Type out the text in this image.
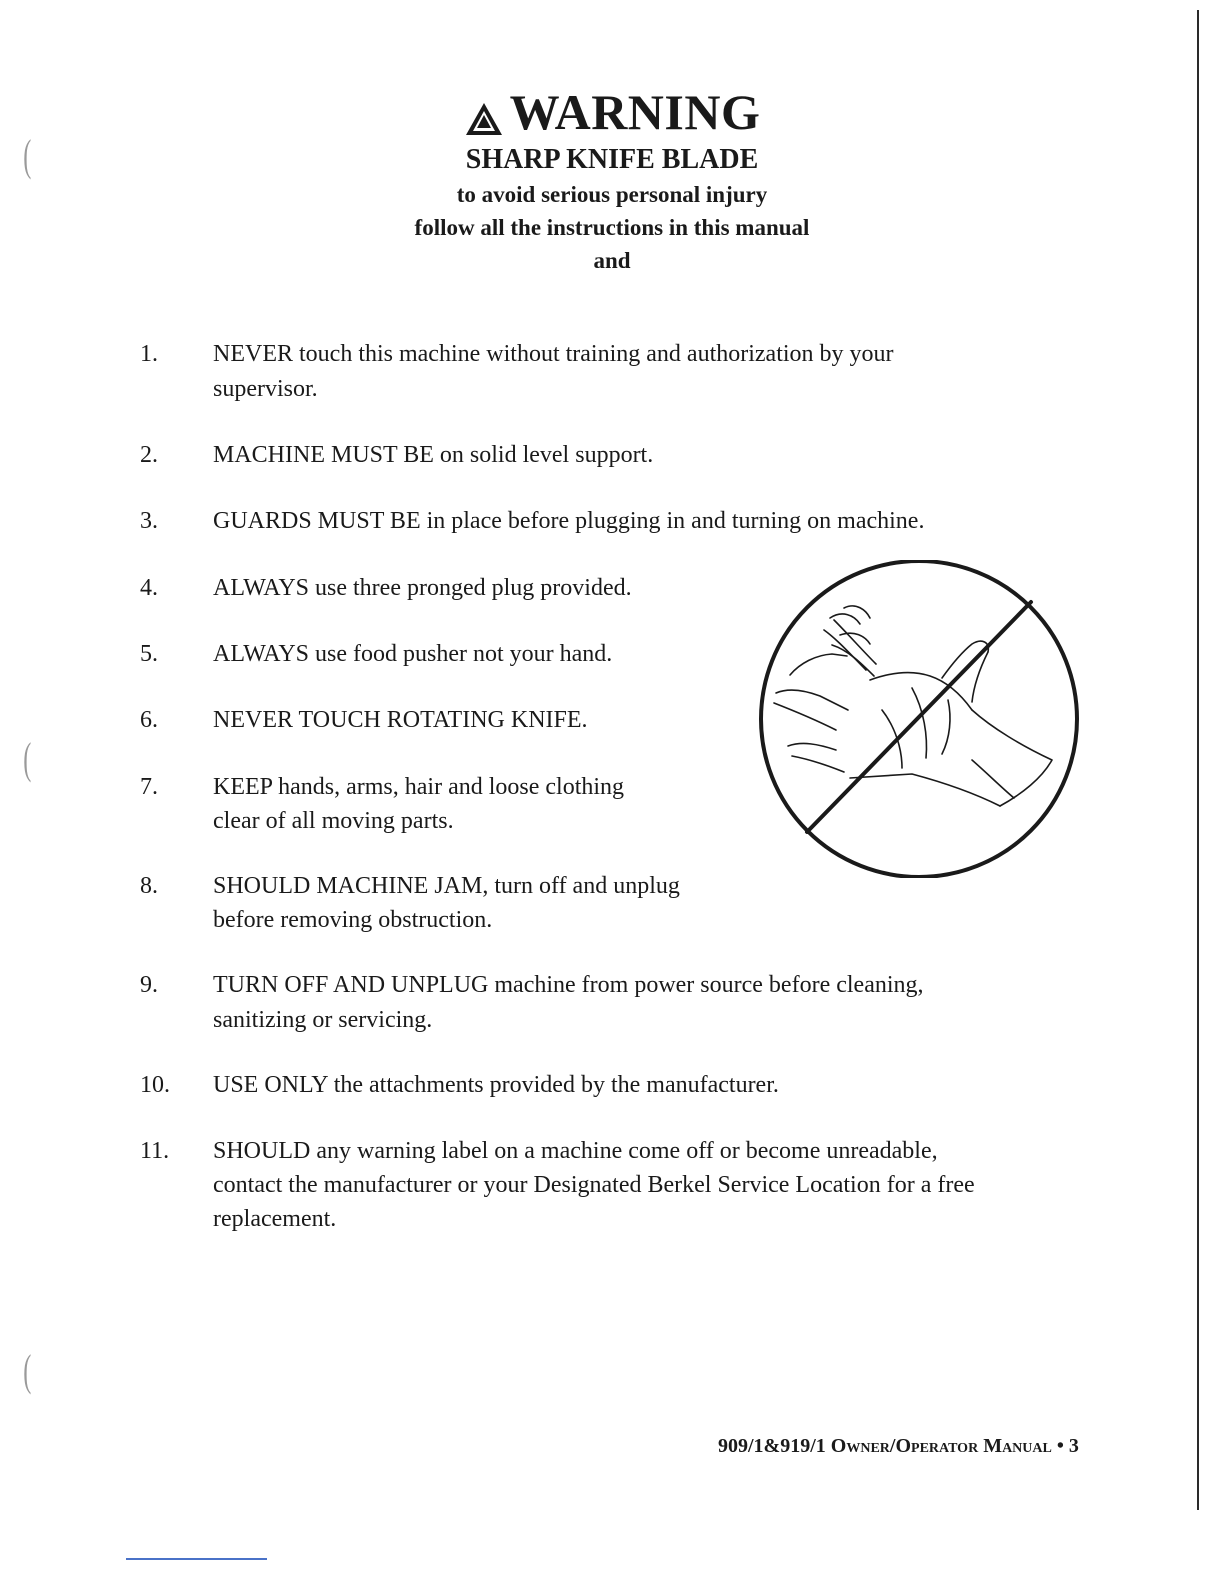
(
(
(
WARNING
SHARP KNIFE BLADE
to avoid serious personal injury
follow all the instructions in this manual
and
1. NEVER touch this machine without training and authorization by your
supervisor.
2. MACHINE MUST BE on solid level support.
3. GUARDS MUST BE in place before plugging in and turning on machine.
4. ALWAYS use three pronged plug provided.
5. ALWAYS use food pusher not your hand.
6. NEVER TOUCH ROTATING KNIFE.
7. KEEP hands, arms, hair and loose clothing
clear of all moving parts.
8. SHOULD MACHINE JAM, turn off and unplug
before removing obstruction.
9. TURN OFF AND UNPLUG machine from power source before cleaning,
sanitizing or servicing.
10. USE ONLY the attachments provided by the manufacturer.
11. SHOULD any warning label on a machine come off or become unreadable,
contact the manufacturer or your Designated Berkel Service Location for a free
replacement.
909/1&919/1 Owner/Operator Manual • 3
